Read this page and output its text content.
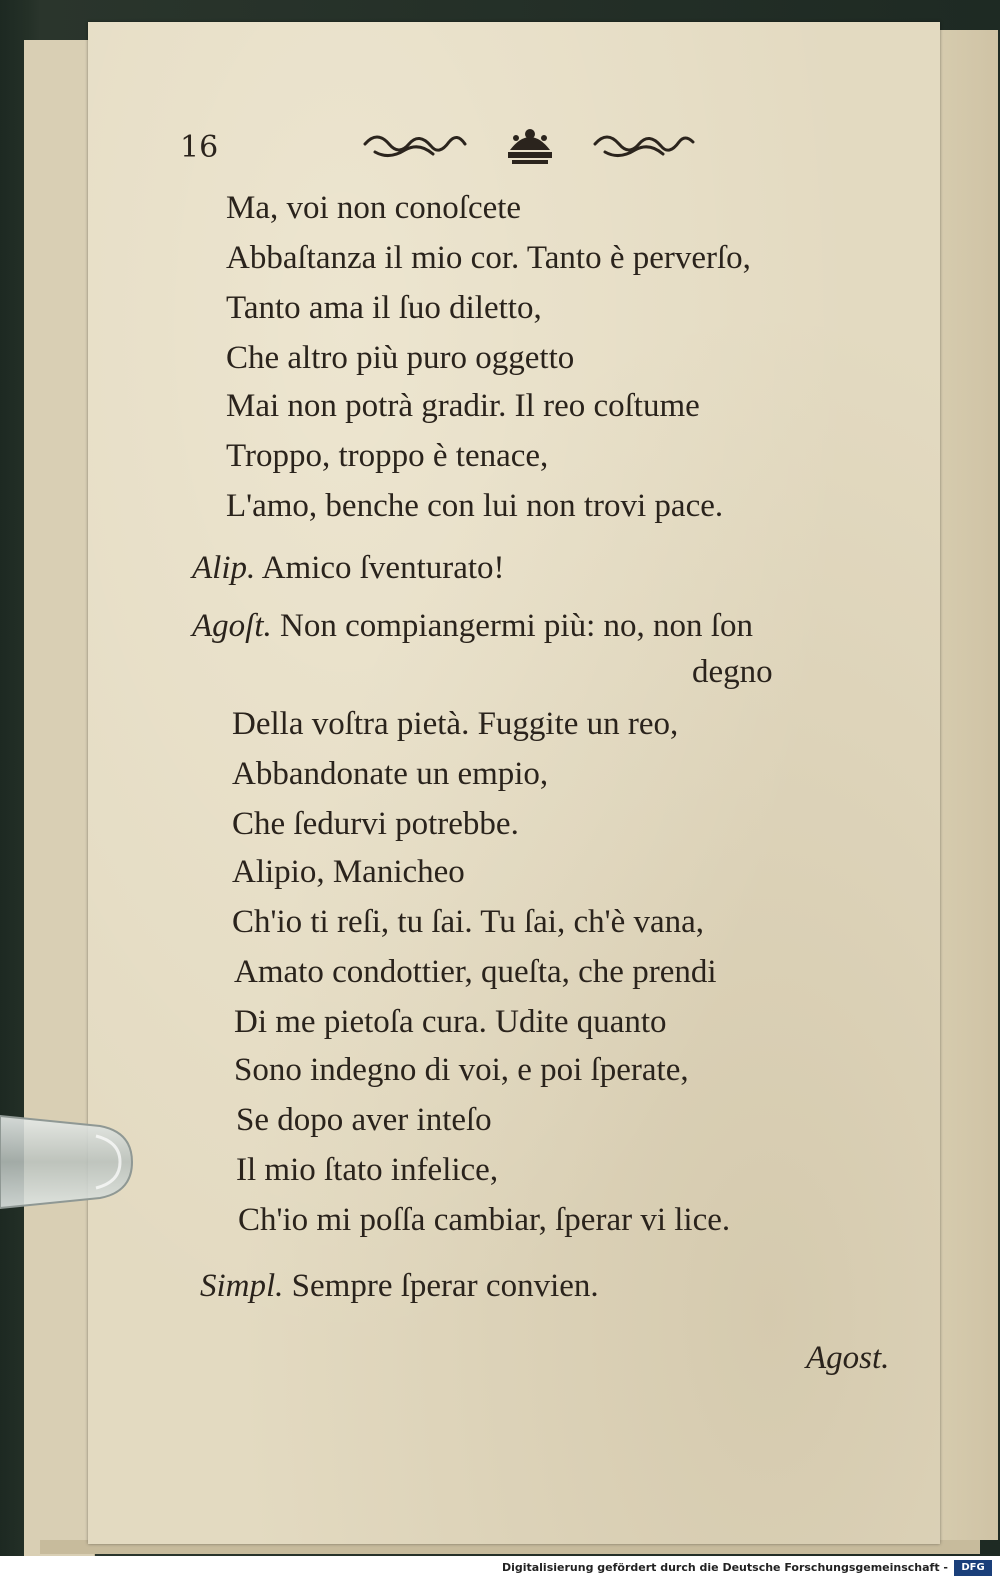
16
Ma, voi non conoſcete
Abbaſtanza il mio cor. Tanto è perverſo,
Tanto ama il ſuo diletto,
Che altro più puro oggetto
Mai non potrà gradir. Il reo coſtume
Troppo, troppo è tenace,
L'amo, benche con lui non trovi pace.
Alip. Amico ſventurato!
Agoſt. Non compiangermi più: no, non ſon
degno
Della voſtra pietà. Fuggite un reo,
Abbandonate un empio,
Che ſedurvi potrebbe.
Alipio, Manicheo
Ch'io ti reſi, tu ſai. Tu ſai, ch'è vana,
Amato condottier, queſta, che prendi
Di me pietoſa cura. Udite quanto
Sono indegno di voi, e poi ſperate,
Se dopo aver inteſo
Il mio ſtato infelice,
Ch'io mi poſſa cambiar, ſperar vi lice.
Simpl. Sempre ſperar convien.
Agost.
Digitalisierung gefördert durch die Deutsche Forschungsgemeinschaft -	DFG
